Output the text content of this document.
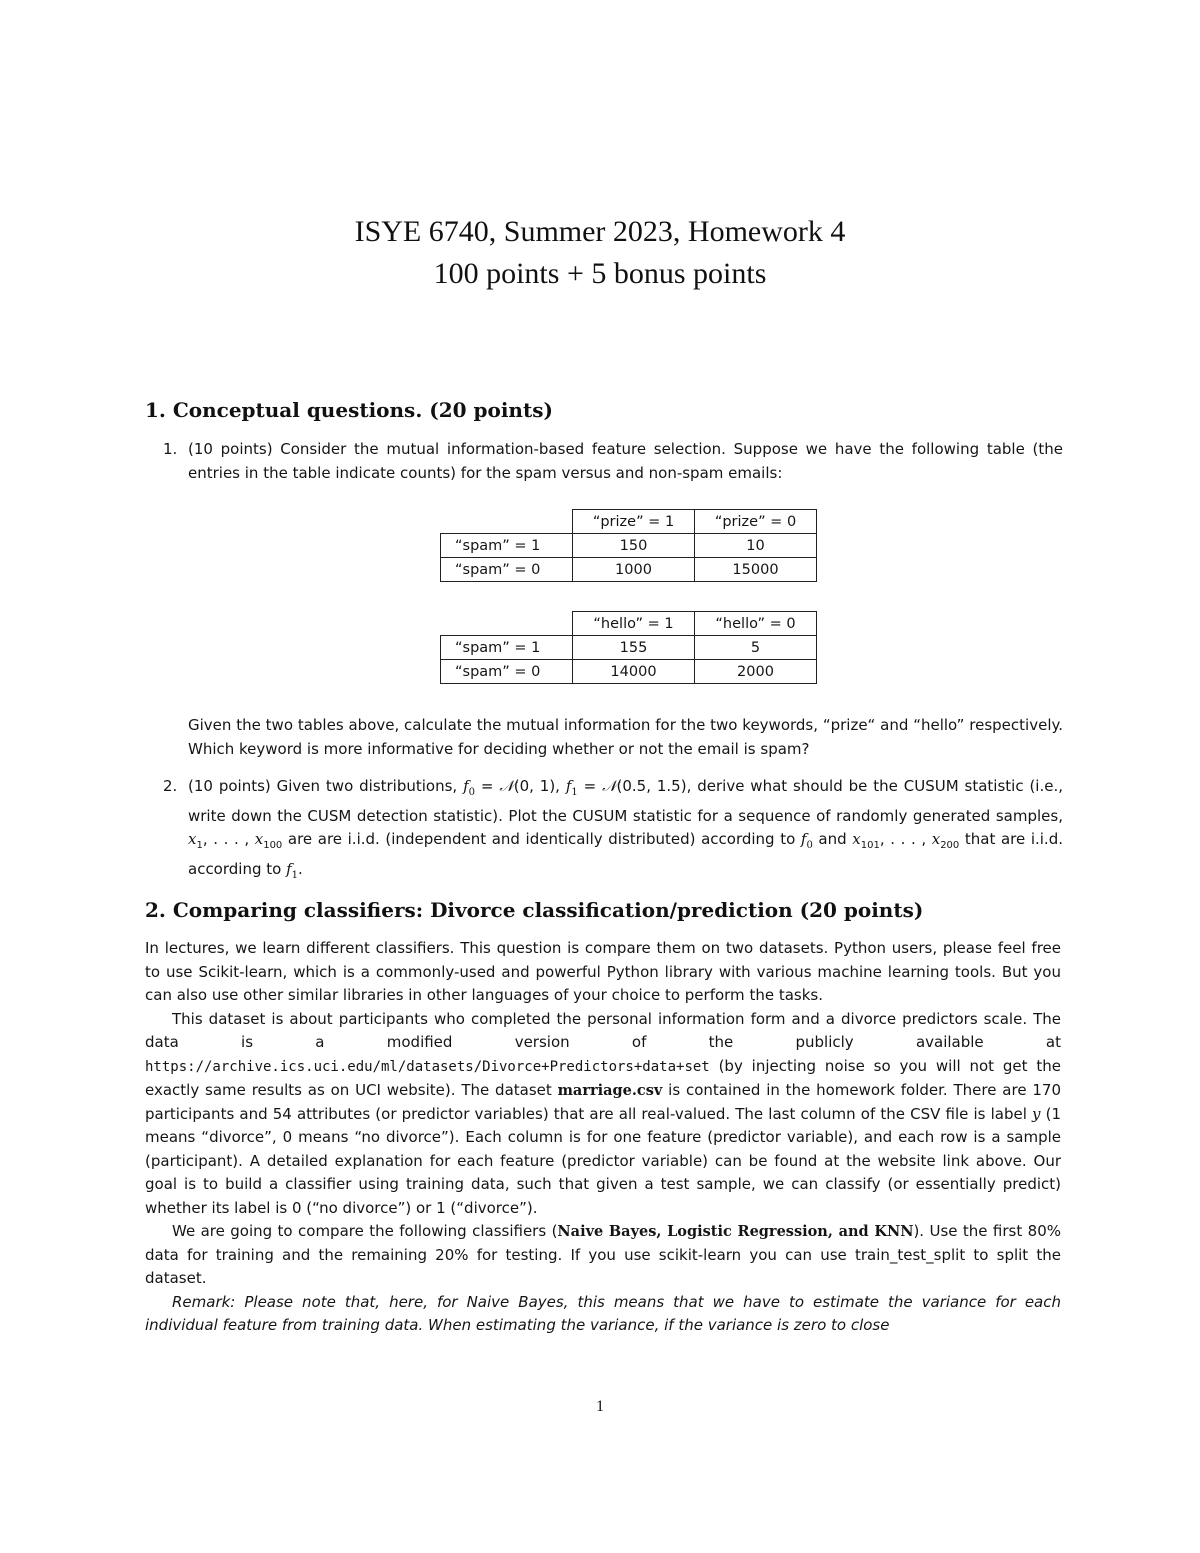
ISYE 6740, Summer 2023, Homework 4
100 points + 5 bonus points
1. Conceptual questions. (20 points)
1. (10 points) Consider the mutual information-based feature selection. Suppose we have the following table (the entries in the table indicate counts) for the spam versus and non-spam emails:
	“prize” = 1	“prize” = 0
“spam” = 1	150	10
“spam” = 0	1000	15000
	“hello” = 1	“hello” = 0
“spam” = 1	155	5
“spam” = 0	14000	2000
Given the two tables above, calculate the mutual information for the two keywords, “prize“ and “hello” respectively. Which keyword is more informative for deciding whether or not the email is spam?
2. (10 points) Given two distributions, $f_0$ = 𝒩(0, 1), $f_1$ = 𝒩(0.5, 1.5), derive what should be the CUSUM statistic (i.e., write down the CUSM detection statistic). Plot the CUSUM statistic for a sequence of randomly generated samples, $x_1$, . . . , $x_{100}$ are are i.i.d. (independent and identically distributed) according to $f_0$ and $x_{101}$, . . . , $x_{200}$ that are i.i.d. according to $f_1$.
2. Comparing classifiers: Divorce classification/prediction (20 points)
In lectures, we learn different classifiers. This question is compare them on two datasets. Python users, please feel free to use Scikit-learn, which is a commonly-used and powerful Python library with various machine learning tools. But you can also use other similar libraries in other languages of your choice to perform the tasks.
This dataset is about participants who completed the personal information form and a divorce predictors scale. The data is a modified version of the publicly available at https://archive.ics.uci.edu/ml/datasets/Divorce+Predictors+data+set (by injecting noise so you will not get the exactly same results as on UCI website). The dataset marriage.csv is contained in the homework folder. There are 170 participants and 54 attributes (or predictor variables) that are all real-valued. The last column of the CSV file is label y (1 means “divorce”, 0 means “no divorce”). Each column is for one feature (predictor variable), and each row is a sample (participant). A detailed explanation for each feature (predictor variable) can be found at the website link above. Our goal is to build a classifier using training data, such that given a test sample, we can classify (or essentially predict) whether its label is 0 (“no divorce”) or 1 (“divorce”).
We are going to compare the following classifiers (Naive Bayes, Logistic Regression, and KNN). Use the first 80% data for training and the remaining 20% for testing. If you use scikit-learn you can use train_test_split to split the dataset.
Remark: Please note that, here, for Naive Bayes, this means that we have to estimate the variance for each individual feature from training data. When estimating the variance, if the variance is zero to close
1
